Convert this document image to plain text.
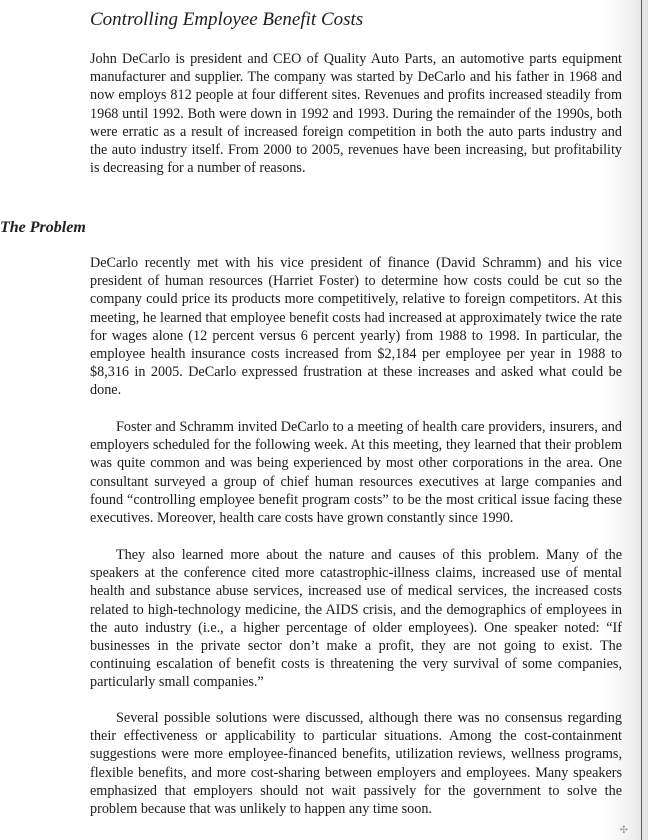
Controlling Employee Benefit Costs

John DeCarlo is president and CEO of Quality Auto Parts, an automotive parts equipment manufacturer and supplier. The company was started by DeCarlo and his father in 1968 and now employs 812 people at four different sites. Revenues and profits increased steadily from 1968 until 1992. Both were down in 1992 and 1993. During the remainder of the 1990s, both were erratic as a result of increased foreign competition in both the auto parts industry and the auto industry itself. From 2000 to 2005, revenues have been increasing, but profitability is decreasing for a number of reasons.

The Problem

DeCarlo recently met with his vice president of finance (David Schramm) and his vice president of human resources (Harriet Foster) to determine how costs could be cut so the company could price its products more competitively, relative to foreign competitors. At this meeting, he learned that employee benefit costs had increased at approximately twice the rate for wages alone (12 percent versus 6 percent yearly) from 1988 to 1998. In particular, the employee health insurance costs increased from $2,184 per employee per year in 1988 to $8,316 in 2005. DeCarlo expressed frustration at these increases and asked what could be done.

Foster and Schramm invited DeCarlo to a meeting of health care providers, insurers, and employers scheduled for the following week. At this meeting, they learned that their problem was quite common and was being experienced by most other corporations in the area. One consultant surveyed a group of chief human resources executives at large companies and found “controlling employee benefit program costs” to be the most critical issue facing these executives. Moreover, health care costs have grown constantly since 1990.

They also learned more about the nature and causes of this problem. Many of the speakers at the conference cited more catastrophic-illness claims, increased use of mental health and substance abuse services, increased use of medical services, the increased costs related to high-technology medicine, the AIDS crisis, and the demographics of employees in the auto industry (i.e., a higher percentage of older employees). One speaker noted: “If businesses in the private sector don’t make a profit, they are not going to exist. The continuing escalation of benefit costs is threatening the very survival of some companies, particularly small companies.”

Several possible solutions were discussed, although there was no consensus regarding their effectiveness or applicability to particular situations. Among the cost-containment suggestions were more employee-financed benefits, utilization reviews, wellness programs, flexible benefits, and more cost-sharing between employers and employees. Many speakers emphasized that employers should not wait passively for the government to solve the problem because that was unlikely to happen any time soon.

✣
